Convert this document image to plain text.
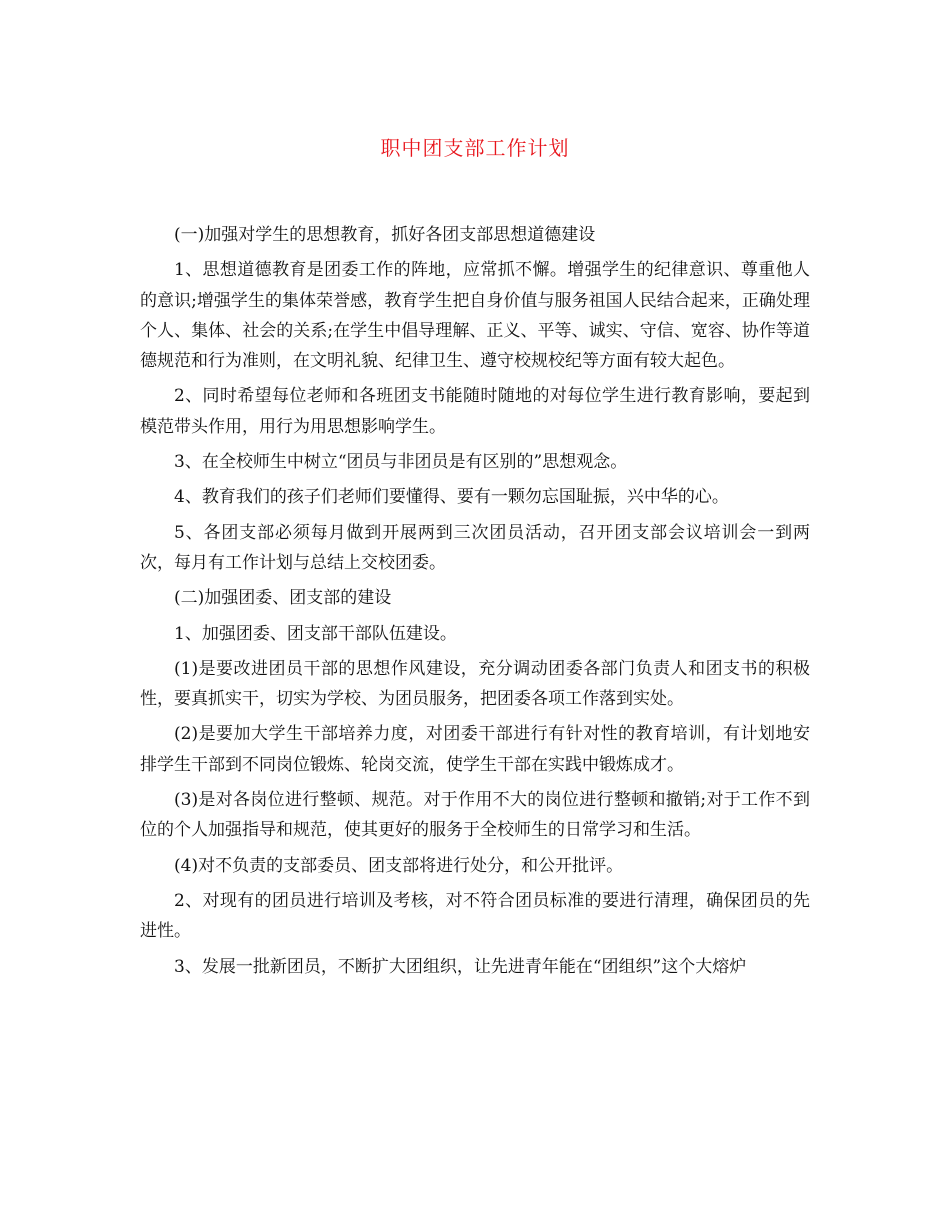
职中团支部工作计划

(一)加强对学生的思想教育，抓好各团支部思想道德建设

1、思想道德教育是团委工作的阵地，应常抓不懈。增强学生的纪律意识、尊重他人的意识;增强学生的集体荣誉感，教育学生把自身价值与服务祖国人民结合起来，正确处理个人、集体、社会的关系;在学生中倡导理解、正义、平等、诚实、守信、宽容、协作等道德规范和行为准则，在文明礼貌、纪律卫生、遵守校规校纪等方面有较大起色。

2、同时希望每位老师和各班团支书能随时随地的对每位学生进行教育影响，要起到模范带头作用，用行为用思想影响学生。

3、在全校师生中树立“团员与非团员是有区别的”思想观念。

4、教育我们的孩子们老师们要懂得、要有一颗勿忘国耻振，兴中华的心。

5、各团支部必须每月做到开展两到三次团员活动，召开团支部会议培训会一到两次，每月有工作计划与总结上交校团委。

(二)加强团委、团支部的建设

1、加强团委、团支部干部队伍建设。

(1)是要改进团员干部的思想作风建设，充分调动团委各部门负责人和团支书的积极性，要真抓实干，切实为学校、为团员服务，把团委各项工作落到实处。

(2)是要加大学生干部培养力度，对团委干部进行有针对性的教育培训，有计划地安排学生干部到不同岗位锻炼、轮岗交流，使学生干部在实践中锻炼成才。

(3)是对各岗位进行整顿、规范。对于作用不大的岗位进行整顿和撤销;对于工作不到位的个人加强指导和规范，使其更好的服务于全校师生的日常学习和生活。

(4)对不负责的支部委员、团支部将进行处分，和公开批评。

2、对现有的团员进行培训及考核，对不符合团员标准的要进行清理，确保团员的先进性。

3、发展一批新团员，不断扩大团组织，让先进青年能在“团组织”这个大熔炉
